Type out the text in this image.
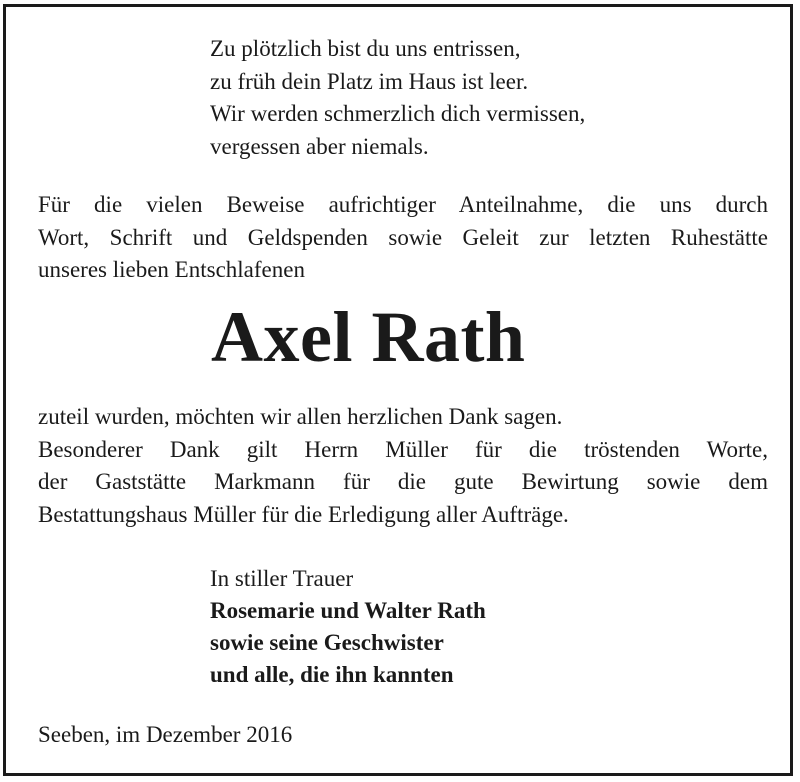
Zu plötzlich bist du uns entrissen,
zu früh dein Platz im Haus ist leer.
Wir werden schmerzlich dich vermissen,
vergessen aber niemals.
Für die vielen Beweise aufrichtiger Anteilnahme, die uns durch
Wort, Schrift und Geldspenden sowie Geleit zur letzten Ruhestätte
unseres lieben Entschlafenen
Axel Rath
zuteil wurden, möchten wir allen herzlichen Dank sagen.
Besonderer Dank gilt Herrn Müller für die tröstenden Worte,
der Gaststätte Markmann für die gute Bewirtung sowie dem
Bestattungshaus Müller für die Erledigung aller Aufträge.
In stiller Trauer
Rosemarie und Walter Rath
sowie seine Geschwister
und alle, die ihn kannten
Seeben, im Dezember 2016
